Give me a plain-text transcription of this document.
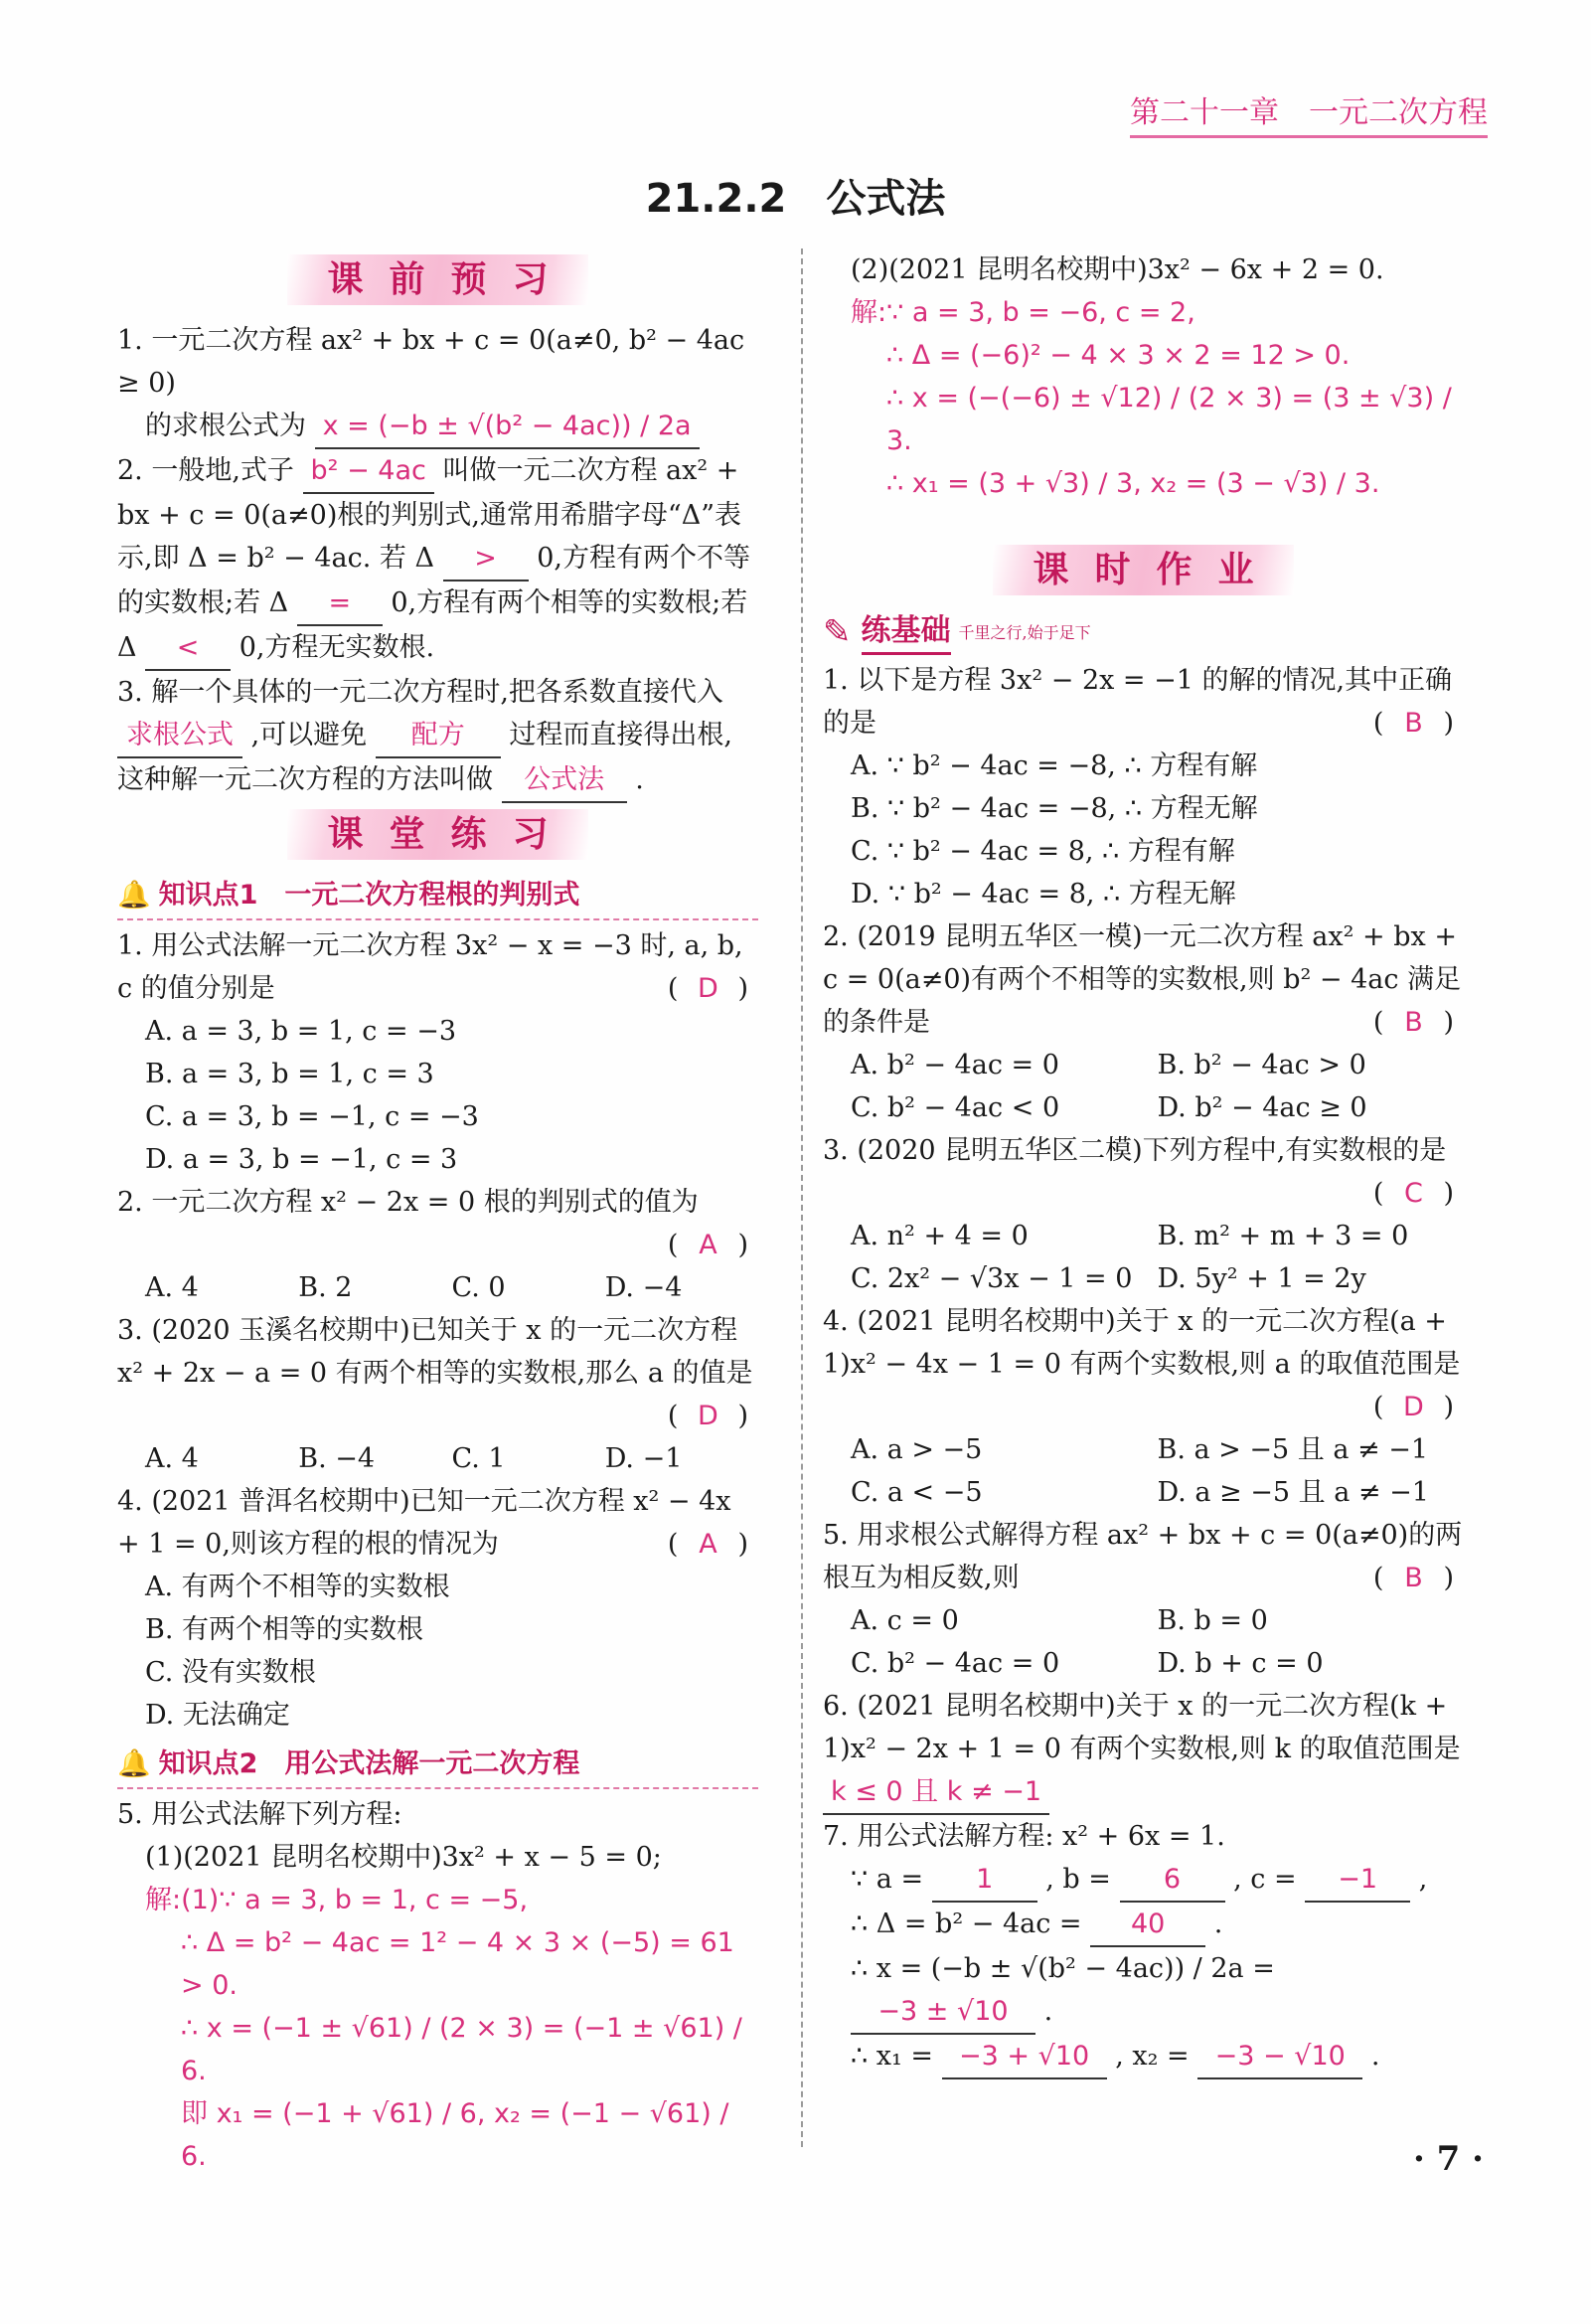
第二十一章　一元二次方程
21.2.2　公式法
课前预习
1. 一元二次方程 ax² + bx + c = 0(a≠0, b² − 4ac ≥ 0)
的求根公式为 x = (−b ± √(b² − 4ac)) / 2a
2. 一般地,式子 b² − 4ac 叫做一元二次方程 ax² + bx + c = 0(a≠0)根的判别式,通常用希腊字母“Δ”表示,即 Δ = b² − 4ac. 若 Δ > 0,方程有两个不等的实数根;若 Δ = 0,方程有两个相等的实数根;若 Δ < 0,方程无实数根.
3. 解一个具体的一元二次方程时,把各系数直接代入 求根公式 ,可以避免 配方 过程而直接得出根,这种解一元二次方程的方法叫做 公式法 .
课堂练习
🔔 知识点1　一元二次方程根的判别式
1. 用公式法解一元二次方程 3x² − x = −3 时, a, b, c 的值分别是	( D )
A. a = 3, b = 1, c = −3
B. a = 3, b = 1, c = 3
C. a = 3, b = −1, c = −3
D. a = 3, b = −1, c = 3
2. 一元二次方程 x² − 2x = 0 根的判别式的值为
( A )
A. 4	B. 2	C. 0	D. −4
3. (2020 玉溪名校期中)已知关于 x 的一元二次方程 x² + 2x − a = 0 有两个相等的实数根,那么 a 的值是
( D )
A. 4	B. −4	C. 1	D. −1
4. (2021 普洱名校期中)已知一元二次方程 x² − 4x + 1 = 0,则该方程的根的情况为	( A )
A. 有两个不相等的实数根
B. 有两个相等的实数根
C. 没有实数根
D. 无法确定
🔔 知识点2　用公式法解一元二次方程
5. 用公式法解下列方程:
(1)(2021 昆明名校期中)3x² + x − 5 = 0;
解:(1)∵ a = 3, b = 1, c = −5,
∴ Δ = b² − 4ac = 1² − 4 × 3 × (−5) = 61 > 0.
∴ x = (−1 ± √61) / (2 × 3) = (−1 ± √61) / 6.
即 x₁ = (−1 + √61) / 6, x₂ = (−1 − √61) / 6.
(2)(2021 昆明名校期中)3x² − 6x + 2 = 0.
解:∵ a = 3, b = −6, c = 2,
∴ Δ = (−6)² − 4 × 3 × 2 = 12 > 0.
∴ x = (−(−6) ± √12) / (2 × 3) = (3 ± √3) / 3.
∴ x₁ = (3 + √3) / 3, x₂ = (3 − √3) / 3.
课时作业
✎ 练基础 千里之行,始于足下
1. 以下是方程 3x² − 2x = −1 的解的情况,其中正确的是	( B )
A. ∵ b² − 4ac = −8, ∴ 方程有解
B. ∵ b² − 4ac = −8, ∴ 方程无解
C. ∵ b² − 4ac = 8, ∴ 方程有解
D. ∵ b² − 4ac = 8, ∴ 方程无解
2. (2019 昆明五华区一模)一元二次方程 ax² + bx + c = 0(a≠0)有两个不相等的实数根,则 b² − 4ac 满足的条件是	( B )
A. b² − 4ac = 0	B. b² − 4ac > 0
C. b² − 4ac < 0	D. b² − 4ac ≥ 0
3. (2020 昆明五华区二模)下列方程中,有实数根的是
( C )
A. n² + 4 = 0	B. m² + m + 3 = 0
C. 2x² − √3x − 1 = 0 D. 5y² + 1 = 2y
4. (2021 昆明名校期中)关于 x 的一元二次方程(a + 1)x² − 4x − 1 = 0 有两个实数根,则 a 的取值范围是
( D )
A. a > −5	B. a > −5 且 a ≠ −1
C. a < −5	D. a ≥ −5 且 a ≠ −1
5. 用求根公式解得方程 ax² + bx + c = 0(a≠0)的两根互为相反数,则	( B )
A. c = 0	B. b = 0
C. b² − 4ac = 0	D. b + c = 0
6. (2021 昆明名校期中)关于 x 的一元二次方程(k + 1)x² − 2x + 1 = 0 有两个实数根,则 k 的取值范围是 k ≤ 0 且 k ≠ −1
7. 用公式法解方程: x² + 6x = 1.
∵ a = 1 , b = 6 , c = −1 ,
∴ Δ = b² − 4ac = 40 .
∴ x = (−b ± √(b² − 4ac)) / 2a = −3 ± √10 .
∴ x₁ = −3 + √10 , x₂ = −3 − √10 .
· 7 ·
